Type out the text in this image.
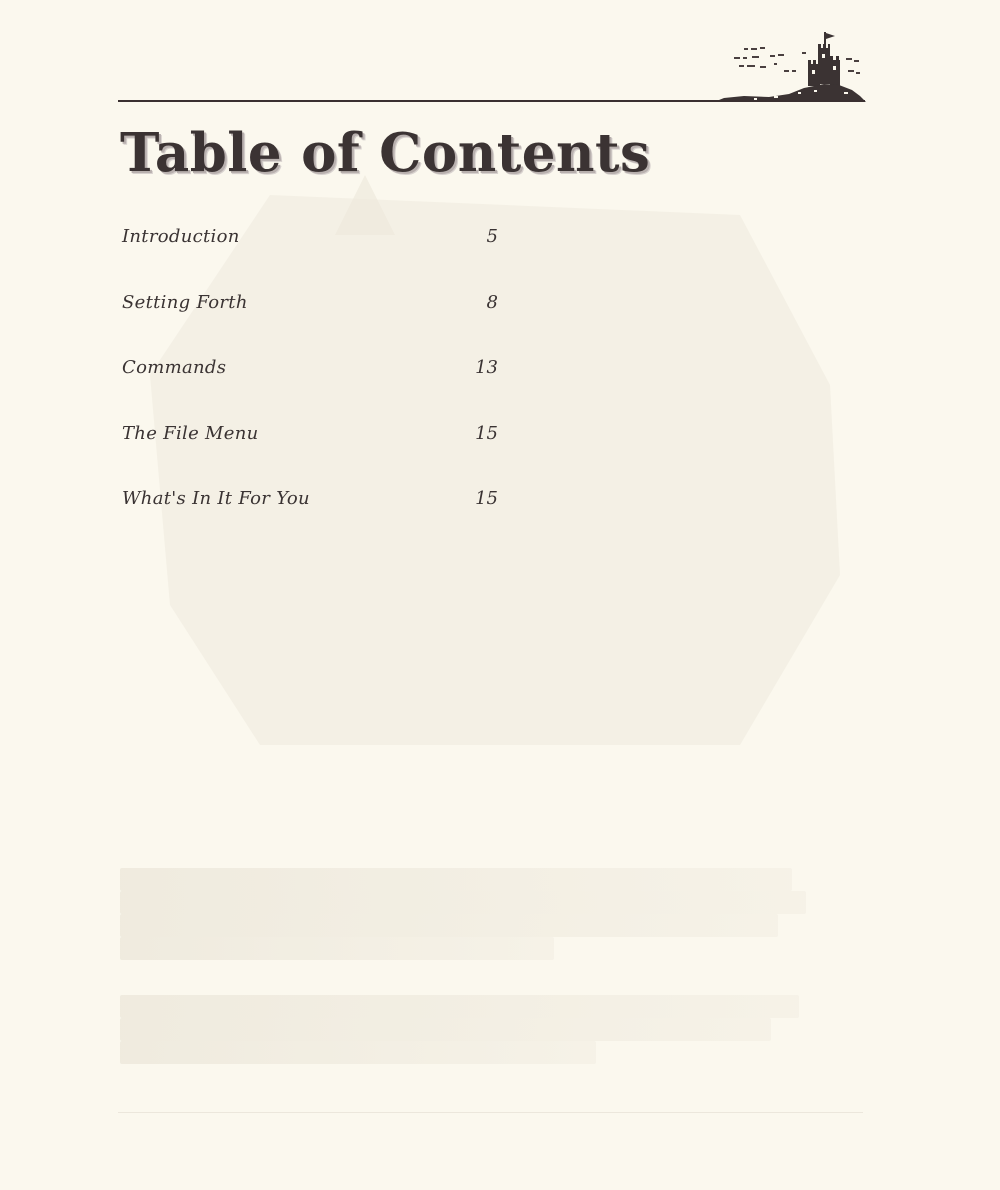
Table of Contents
Introduction	5
Setting Forth	8
Commands	13
The File Menu	15
What's In It For You	15
